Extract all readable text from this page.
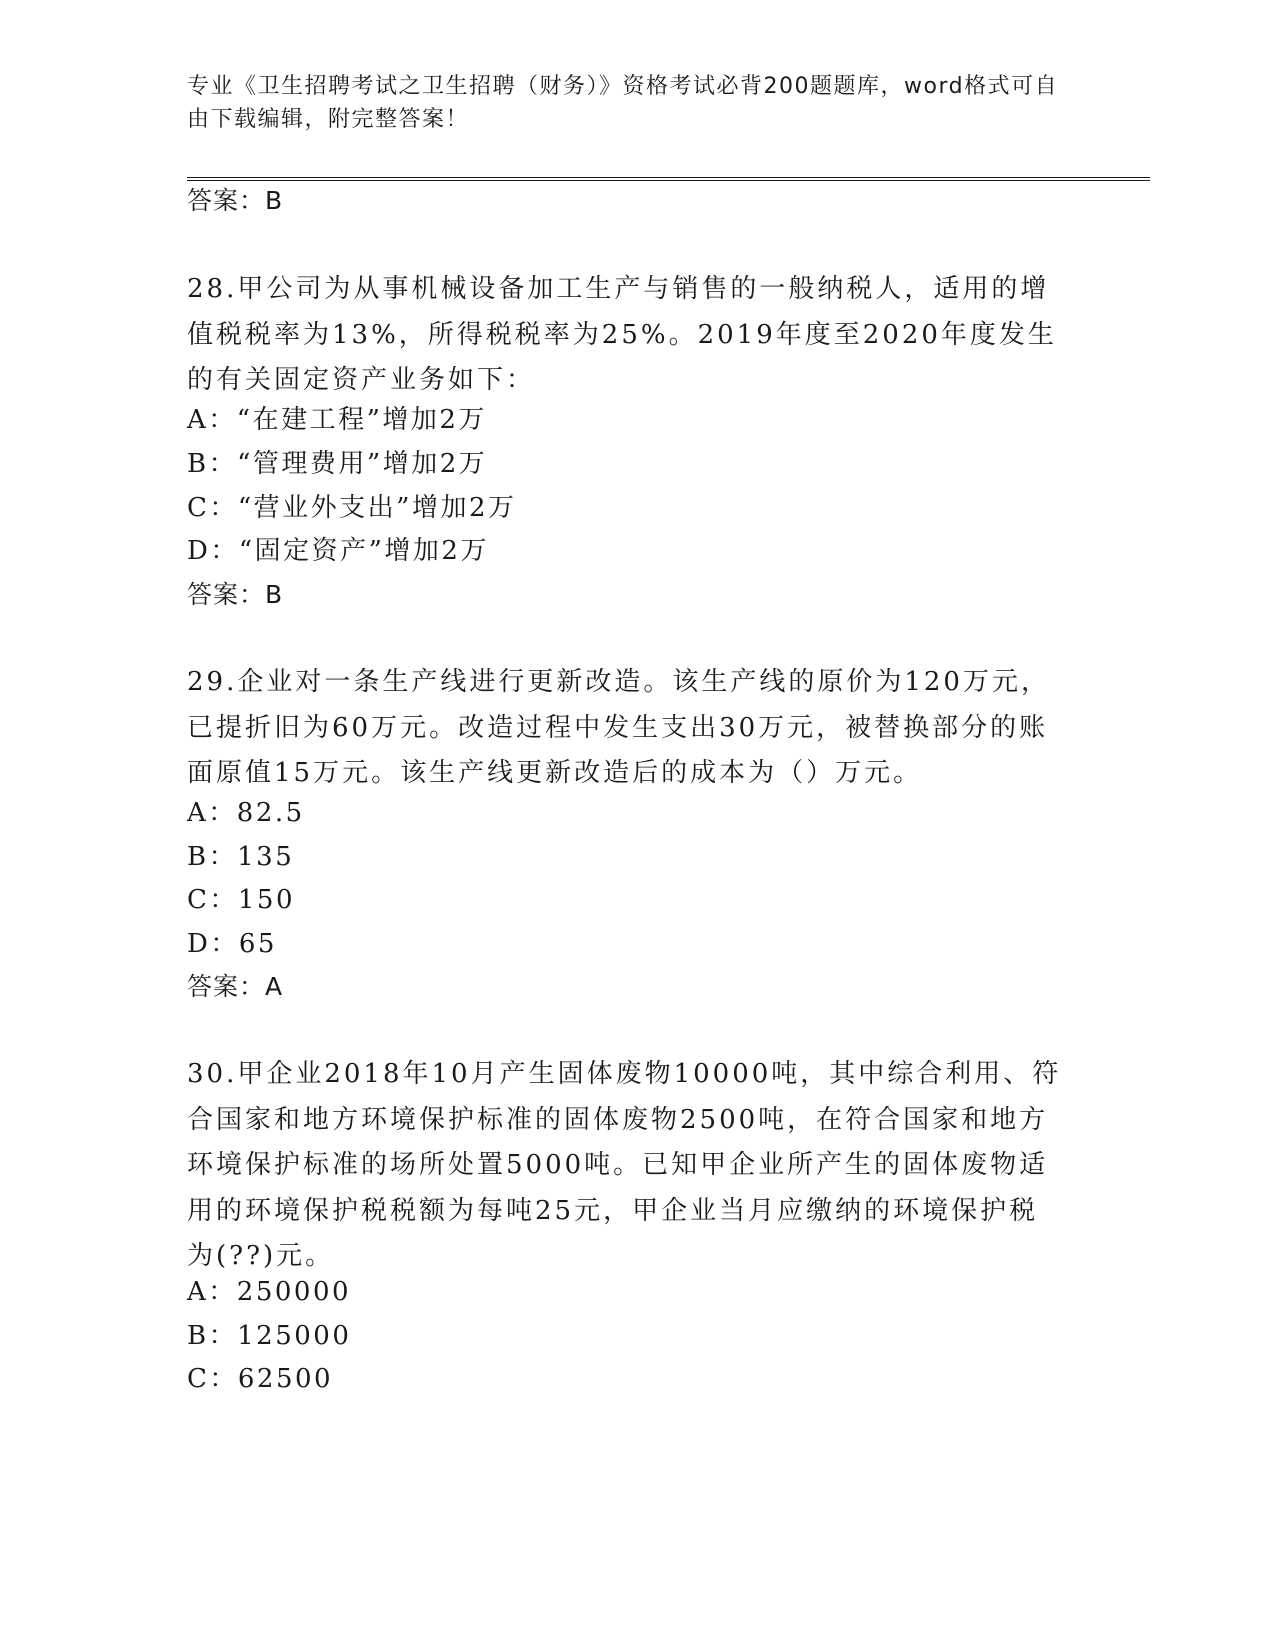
专业《卫生招聘考试之卫生招聘（财务）》资格考试必背200题题库，word格式可自由下载编辑，附完整答案！
答案：B
28.甲公司为从事机械设备加工生产与销售的一般纳税人，适用的增值税税率为13%，所得税税率为25%。2019年度至2020年度发生的有关固定资产业务如下：
A：“在建工程”增加2万
B：“管理费用”增加2万
C：“营业外支出”增加2万
D：“固定资产”增加2万
答案：B
29.企业对一条生产线进行更新改造。该生产线的原价为120万元，已提折旧为60万元。改造过程中发生支出30万元，被替换部分的账面原值15万元。该生产线更新改造后的成本为（）万元。
A：82.5
B：135
C：150
D：65
答案：A
30.甲企业2018年10月产生固体废物10000吨，其中综合利用、符合国家和地方环境保护标准的固体废物2500吨，在符合国家和地方环境保护标准的场所处置5000吨。已知甲企业所产生的固体废物适用的环境保护税税额为每吨25元，甲企业当月应缴纳的环境保护税为(??)元。
A：250000
B：125000
C：62500
